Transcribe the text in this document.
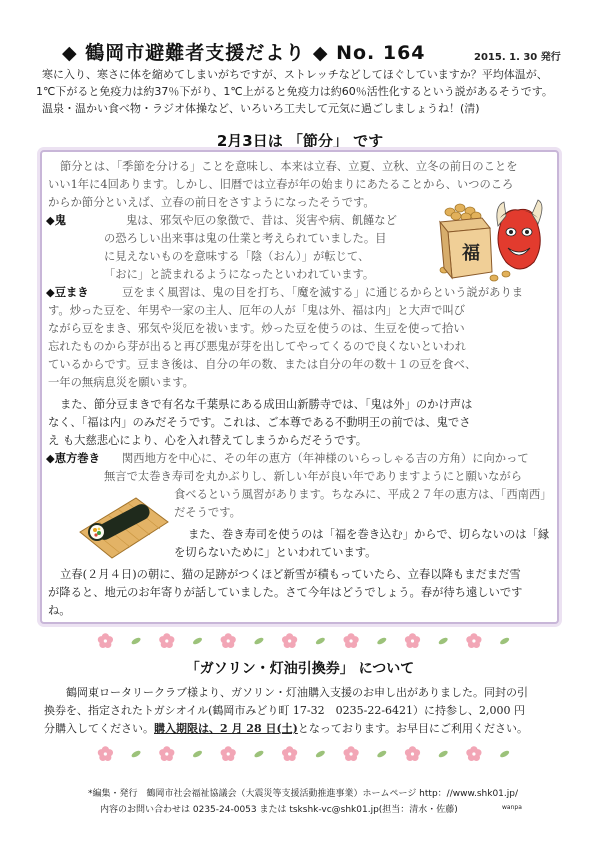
◆ 鶴岡市避難者支援だより ◆ No. 164	2015. 1. 30 発行
寒に入り、寒さに体を縮めてしまいがちですが、ストレッチなどしてほぐしていますか？平均体温が、
1℃下がると免疫力は約37％下がり、1℃上がると免疫力は約60％活性化するという説があるそうです。
温泉・温かい食べ物・ラジオ体操など、いろいろ工夫して元気に過ごしましょうね！(清)
2月3日は 「節分」 です
節分とは、「季節を分ける」ことを意味し、本来は立春、立夏、立秋、立冬の前日のことを
いい1年に4回あります。しかし、旧暦では立春が年の始まりにあたることから、いつのころ
からか節分といえば、立春の前日をさすようになったそうです。
◆鬼	鬼は、邪気や厄の象徴で、昔は、災害や病、飢饉など
の恐ろしい出来事は鬼の仕業と考えられていました。目
に見えないものを意味する「陰（おん）」が転じて、
「おに」と読まれるようになったといわれています。
福
◆豆まき	豆をまく風習は、鬼の目を打ち、「魔を滅する」に通じるからという説がありま
す。炒った豆を、年男や一家の主人、厄年の人が「鬼は外、福は内」と大声で叫び
ながら豆をまき、邪気や災厄を祓います。炒った豆を使うのは、生豆を使って拾い
忘れたものから芽が出ると再び悪鬼が芽を出してやってくるので良くないといわれ
ているからです。豆まき後は、自分の年の数、または自分の年の数＋１の豆を食べ、
一年の無病息災を願います。
また、節分豆まきで有名な千葉県にある成田山新勝寺では、「鬼は外」のかけ声は
なく、「福は内」のみだそうです。これは、ご本尊である不動明王の前では、鬼でさ
え も大慈悲心により、心を入れ替えてしまうからだそうです。
◆恵方巻き 関西地方を中心に、その年の恵方（年神様のいらっしゃる吉の方角）に向かって
無言で太巻き寿司を丸かぶりし、新しい年が良い年でありますようにと願いながら
食べるという風習があります。ちなみに、平成２７年の恵方は、「西南西」
だそうです。
また、巻き寿司を使うのは「福を巻き込む」からで、切らないのは「縁
を切らないために」といわれています。
立春(２月４日)の朝に、猫の足跡がつくほど新雪が積もっていたら、立春以降もまだまだ雪
が降ると、地元のお年寄りが話していました。さて今年はどうでしょう。春が待ち遠しいです
ね。
「ガソリン・灯油引換券」 について
鶴岡東ロータリークラブ様より、ガソリン・灯油購入支援のお申し出がありました。同封の引
換券を、指定されたトガシオイル(鶴岡市みどり町 17-32　0235-22-6421）に持参し、2,000 円
分購入してください。購入期限は、2 月 28 日(土)となっております。お早目にご利用ください。
*編集・発行　鶴岡市社会福祉協議会（大震災等支援活動推進事業）ホームページ http：//www.shk01.jp/
内容のお問い合わせは 0235-24-0053 または tskshk-vc@shk01.jp(担当：清水・佐藤)	wanpa
